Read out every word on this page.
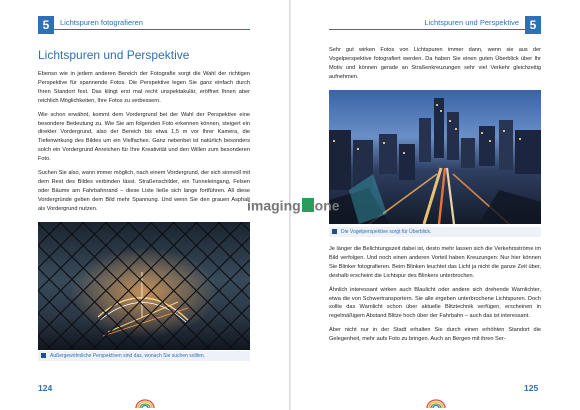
5	Lichtspuren fotografieren
Lichtspuren und Perspektive

Ebenso wie in jedem anderen Bereich der Fotografie sorgt die Wahl der richtigen Perspektive für spannende Fotos. Die Perspektive legen Sie ganz einfach durch Ihren Standort fest. Das klingt erst mal recht unspektakulär, eröffnet Ihnen aber reichlich Möglichkeiten, Ihre Fotos zu verbessern.

Wie schon erwähnt, kommt dem Vordergrund bei der Wahl der Perspektive eine besondere Bedeutung zu. Wie Sie am folgenden Foto erkennen können, steigert ein direkter Vordergrund, also der Bereich bis etwa 1,5 m vor Ihrer Kamera, die Tiefenwirkung des Bildes um ein Vielfaches. Ganz nebenbei ist natürlich besonders solch ein Vordergrund Anreichen für Ihre Kreativität und den Willen zum besonderen Foto.

Suchen Sie also, wann immer möglich, nach einem Vordergrund, der sich sinnvoll mit dem Rest des Bildes verbinden lässt. Straßenschilder, ein Tunneleingang, Felsen oder Bäume am Fahrbahnrand – diese Liste ließe sich lange fortführen. All diese Vordergründe geben dem Bild mehr Spannung. Und wenn Sie den grauen Asphalt als Vordergrund nutzen.

Außergewöhnliche Perspektiven sind das, wonach Sie suchen sollten.
124
Lichtspuren und Perspektive 5

Sehr gut wirken Fotos von Lichtspuren immer dann, wenn sie aus der Vogelperspektive fotografiert werden. Da haben Sie einen guten Überblick über Ihr Motiv und können gerade an Straßenkreuzungen sehr viel Verkehr gleichzeitig aufnehmen.

Die Vogelperspektive sorgt für Überblick.

Je länger die Belichtungszeit dabei ist, desto mehr lassen sich die Verkehrsströme im Bild verfolgen. Und noch einen anderen Vorteil haben Kreuzungen: Nur hier können Sie Blinker fotografieren. Beim Blinken leuchtet das Licht ja nicht die ganze Zeit über, deshalb erscheint die Lichtspur des Blinkers unterbrochen.

Ähnlich interessant wirken auch Blaulicht oder andere sich drehende Warnlichter, etwa die von Schwertransportern. Sie alle ergeben unterbrochene Lichtspuren. Doch sollte das Warnlicht schon über aktuelle Blitztechnik verfügen, erscheinen in regelmäßigem Abstand Blitze hoch über der Fahrbahn – auch das ist interessant.

Aber nicht nur in der Stadt erhalten Sie durch einen erhöhten Standort die Gelegenheit, mehr aufs Foto zu bringen. Auch an Bergen mit ihren Ser-

125
imaging one
